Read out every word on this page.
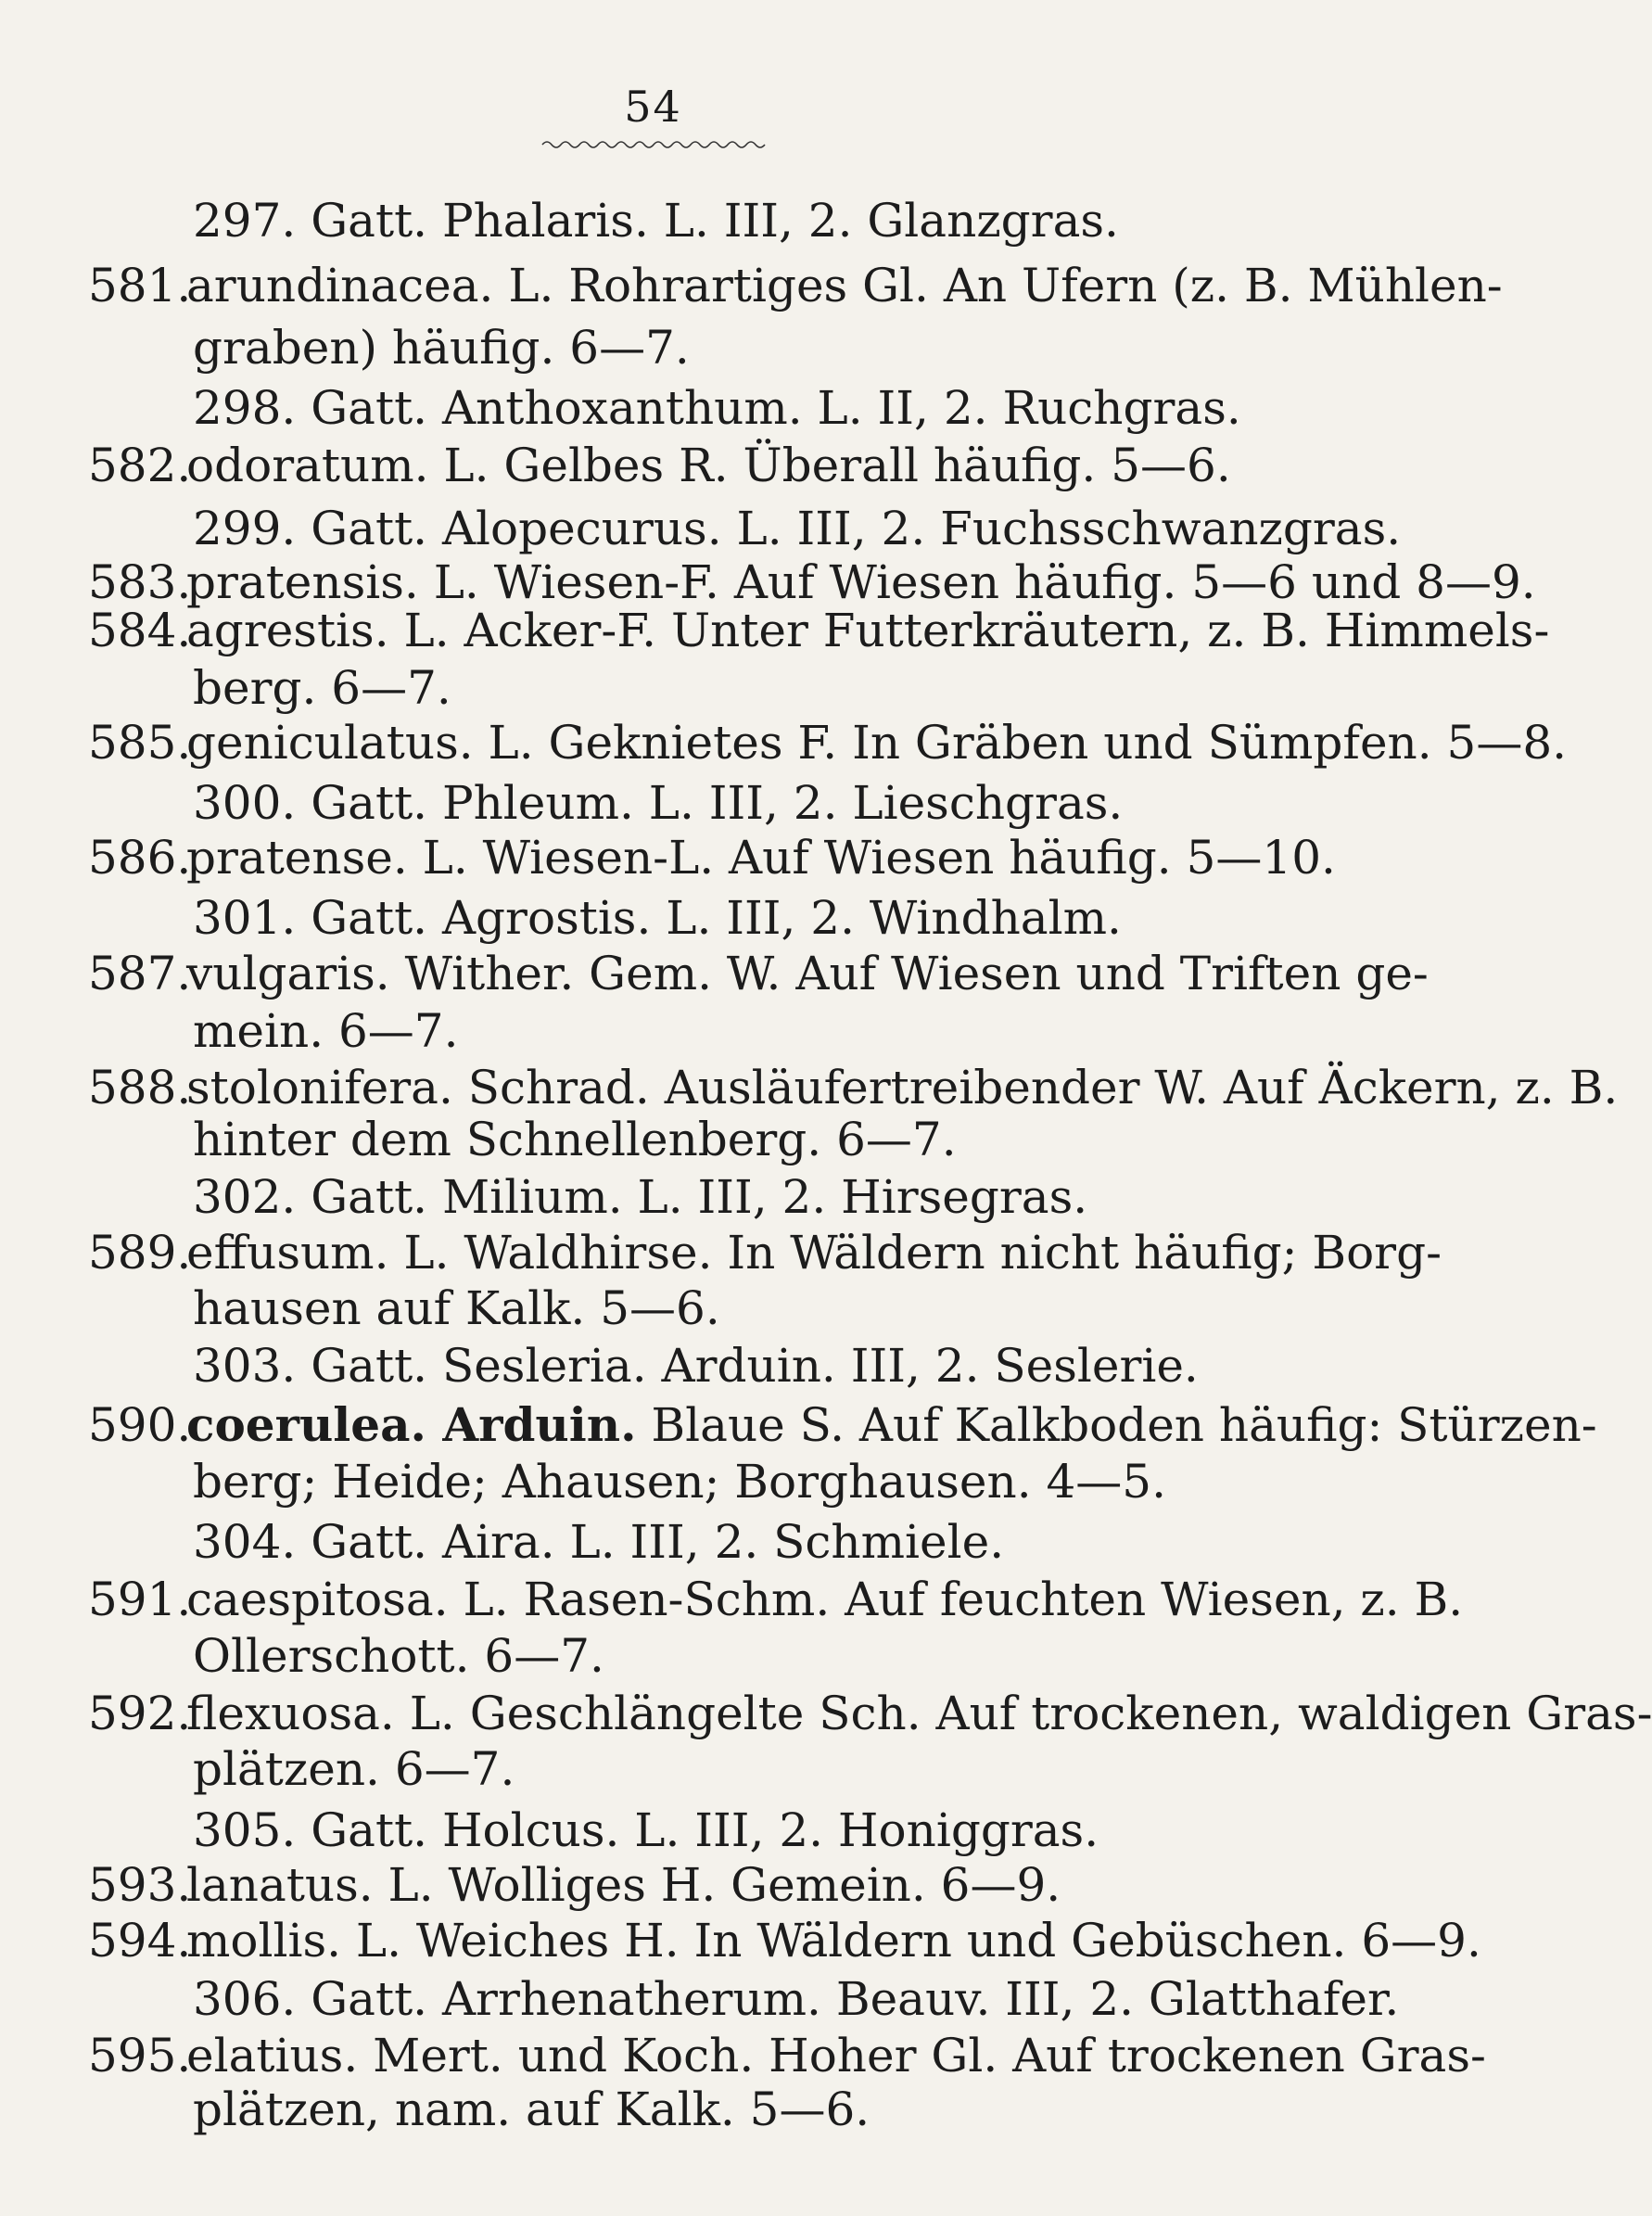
54
297. Gatt. Phalaris. L. III, 2. Glanzgras.
581.arundinacea. L. Rohrartiges Gl. An Ufern (z. B. Mühlen-
graben) häufig. 6—7.
298. Gatt. Anthoxanthum. L. II, 2. Ruchgras.
582.odoratum. L. Gelbes R. Überall häufig. 5—6.
299. Gatt. Alopecurus. L. III, 2. Fuchsschwanzgras.
583.pratensis. L. Wiesen-F. Auf Wiesen häufig. 5—6 und 8—9.
584.agrestis. L. Acker-F. Unter Futterkräutern, z. B. Himmels-
berg. 6—7.
585.geniculatus. L. Geknietes F. In Gräben und Sümpfen. 5—8.
300. Gatt. Phleum. L. III, 2. Lieschgras.
586.pratense. L. Wiesen-L. Auf Wiesen häufig. 5—10.
301. Gatt. Agrostis. L. III, 2. Windhalm.
587.vulgaris. Wither. Gem. W. Auf Wiesen und Triften ge-
mein. 6—7.
588.stolonifera. Schrad. Ausläufertreibender W. Auf Äckern, z. B.
hinter dem Schnellenberg. 6—7.
302. Gatt. Milium. L. III, 2. Hirsegras.
589.effusum. L. Waldhirse. In Wäldern nicht häufig; Borg-
hausen auf Kalk. 5—6.
303. Gatt. Sesleria. Arduin. III, 2. Seslerie.
590.coerulea. Arduin. Blaue S. Auf Kalkboden häufig: Stürzen-
berg; Heide; Ahausen; Borghausen. 4—5.
304. Gatt. Aira. L. III, 2. Schmiele.
591.caespitosa. L. Rasen-Schm. Auf feuchten Wiesen, z. B.
Ollerschott. 6—7.
592.flexuosa. L. Geschlängelte Sch. Auf trockenen, waldigen Gras-
plätzen. 6—7.
305. Gatt. Holcus. L. III, 2. Honiggras.
593.lanatus. L. Wolliges H. Gemein. 6—9.
594.mollis. L. Weiches H. In Wäldern und Gebüschen. 6—9.
306. Gatt. Arrhenatherum. Beauv. III, 2. Glatthafer.
595.elatius. Mert. und Koch. Hoher Gl. Auf trockenen Gras-
plätzen, nam. auf Kalk. 5—6.
